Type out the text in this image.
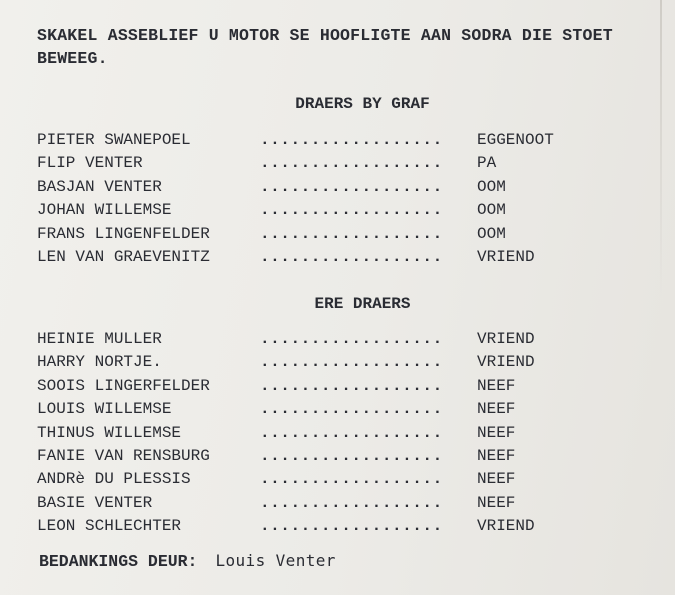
SKAKEL ASSEBLIEF U MOTOR SE HOOFLIGTE AAN SODRA DIE STOET BEWEEG.

DRAERS BY GRAF
PIETER SWANEPOEL	.................. EGGENOOT
FLIP VENTER	.................. PA
BASJAN VENTER	.................. OOM
JOHAN WILLEMSE	.................. OOM
FRANS LINGENFELDER	.................. OOM
LEN VAN GRAEVENITZ	.................. VRIEND
ERE DRAERS
HEINIE MULLER	.................. VRIEND
HARRY NORTJE.	.................. VRIEND
SOOIS LINGERFELDER	.................. NEEF
LOUIS WILLEMSE	.................. NEEF
THINUS WILLEMSE	.................. NEEF
FANIE VAN RENSBURG	.................. NEEF
ANDRè DU PLESSIS	.................. NEEF
BASIE VENTER	.................. NEEF
LEON SCHLECHTER	.................. VRIEND
BEDANKINGS DEUR: Louis Venter
